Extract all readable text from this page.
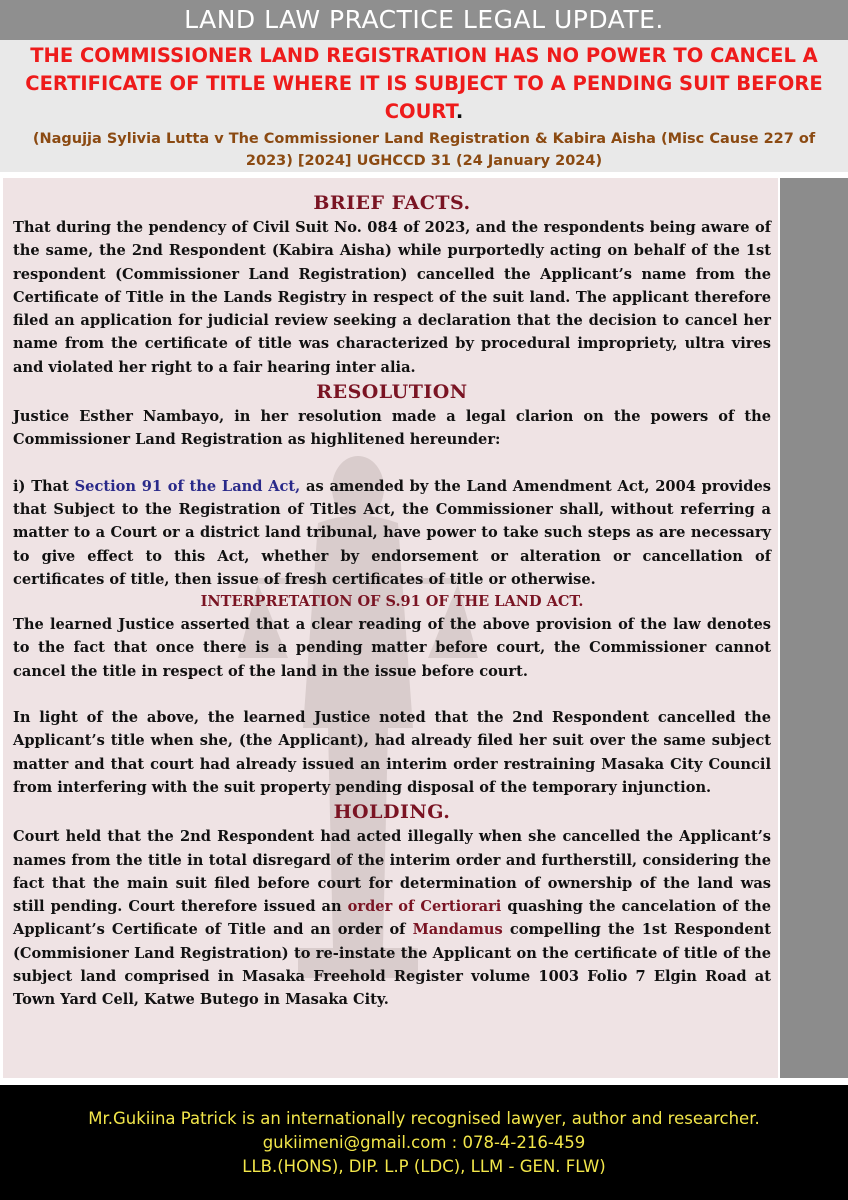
LAND LAW PRACTICE LEGAL UPDATE.

THE COMMISSIONER LAND REGISTRATION HAS NO POWER TO CANCEL A CERTIFICATE OF TITLE WHERE IT IS SUBJECT TO A PENDING SUIT BEFORE COURT.

(Nagujja Sylivia Lutta v The Commissioner Land Registration & Kabira Aisha (Misc Cause 227 of 2023) [2024] UGHCCD 31 (24 January 2024)

BRIEF FACTS.

That during the pendency of Civil Suit No. 084 of 2023, and the respondents being aware of the same, the 2nd Respondent (Kabira Aisha) while purportedly acting on behalf of the 1st respondent (Commissioner Land Registration) cancelled the Applicant’s name from the Certificate of Title in the Lands Registry in respect of the suit land. The applicant therefore filed an application for judicial review seeking a declaration that the decision to cancel her name from the certificate of title was characterized by procedural impropriety, ultra vires and violated her right to a fair hearing inter alia.

RESOLUTION

Justice Esther Nambayo, in her resolution made a legal clarion on the powers of the Commissioner Land Registration as highlitened hereunder:

i) That Section 91 of the Land Act, as amended by the Land Amendment Act, 2004 provides that Subject to the Registration of Titles Act, the Commissioner shall, without referring a matter to a Court or a district land tribunal, have power to take such steps as are necessary to give effect to this Act, whether by endorsement or alteration or cancellation of certificates of title, then issue of fresh certificates of title or otherwise.

INTERPRETATION OF S.91 OF THE LAND ACT.

The learned Justice asserted that a clear reading of the above provision of the law denotes to the fact that once there is a pending matter before court, the Commissioner cannot cancel the title in respect of the land in the issue before court.

In light of the above, the learned Justice noted that the 2nd Respondent cancelled the Applicant’s title when she, (the Applicant), had already filed her suit over the same subject matter and that court had already issued an interim order restraining Masaka City Council from interfering with the suit property pending disposal of the temporary injunction.

HOLDING.

Court held that the 2nd Respondent had acted illegally when she cancelled the Applicant’s names from the title in total disregard of the interim order and furtherstill, considering the fact that the main suit filed before court for determination of ownership of the land was still pending. Court therefore issued an order of Certiorari quashing the cancelation of the Applicant’s Certificate of Title and an order of Mandamus compelling the 1st Respondent (Commisioner Land Registration) to re-instate the Applicant on the certificate of title of the subject land comprised in Masaka Freehold Register volume 1003 Folio 7 Elgin Road at Town Yard Cell, Katwe Butego in Masaka City.

Mr.Gukiina Patrick is an internationally recognised lawyer, author and researcher.
gukiimeni@gmail.com : 078-4-216-459
LLB.(HONS), DIP. L.P (LDC), LLM - GEN. FLW)
